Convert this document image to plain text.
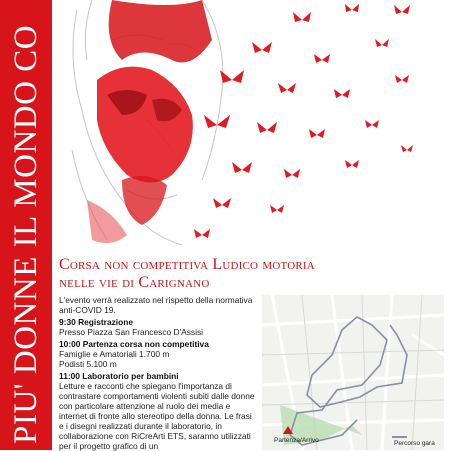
PIU' DONNE IL MONDO CO Corsa non competitiva Ludico motoria
nelle vie di Carignano

L'evento verrà realizzato nel rispetto della normativa anti-COVID 19.

9:30 Registrazione

Presso Piazza San Francesco D'Assisi

10:00 Partenza corsa non competitiva

Famiglie e Amatoriali 1.700 m

Podisti 5.100 m

11:00 Laboratorio per bambini

Letture e racconti che spiegano l'importanza di contrastare comportamenti violenti subiti dalle donne con particolare attenzione al ruolo dei media e internet di fronte allo stereotipo della donna. Le frasi e i disegni realizzati durante il laboratorio, in collaborazione con RiCreArti ETS, saranno utilizzati per il progetto grafico di un

Partenza/Arrivo	Percorso gara
